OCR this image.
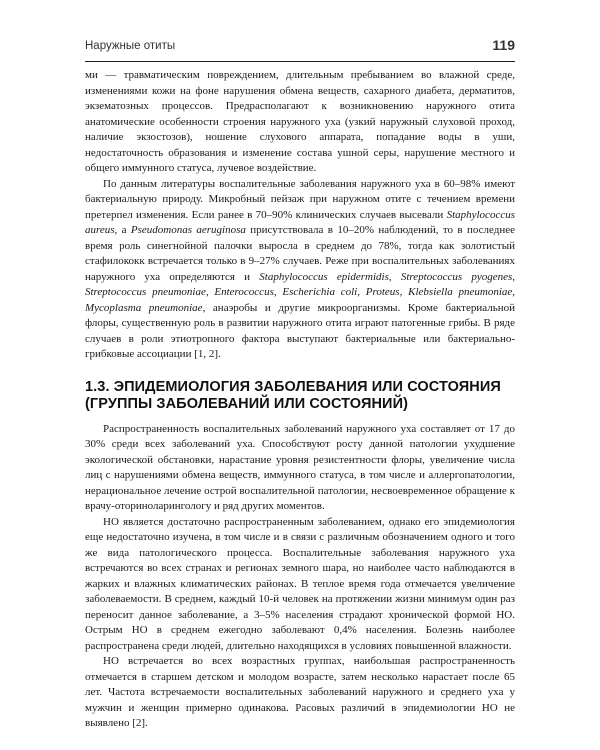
Наружные отиты	119

ми — травматическим повреждением, длительным пребыванием во влажной среде, изменениями кожи на фоне нарушения обмена веществ, сахарного диабета, дерматитов, экзематозных процессов. Предрасполагают к возникновению наружного отита анатомические особенности строения наружного уха (узкий наружный слуховой проход, наличие экзостозов), ношение слухового аппарата, попадание воды в уши, недостаточность образования и изменение состава ушной серы, нарушение местного и общего иммунного статуса, лучевое воздействие.

По данным литературы воспалительные заболевания наружного уха в 60–98% имеют бактериальную природу. Микробный пейзаж при наружном отите с течением времени претерпел изменения. Если ранее в 70–90% клинических случаев высевали Staphylococcus aureus, а Pseudomonas aeruginosa присутствовала в 10–20% наблюдений, то в последнее время роль синегнойной палочки выросла в среднем до 78%, тогда как золотистый стафилококк встречается только в 9–27% случаев. Реже при воспалительных заболеваниях наружного уха определяются и Staphylococcus epidermidis, Streptococcus pyogenes, Streptococcus pneumoniae, Enterococcus, Escherichia coli, Proteus, Klebsiella pneumoniae, Mycoplasma pneumoniae, анаэробы и другие микроорганизмы. Кроме бактериальной флоры, существенную роль в развитии наружного отита играют патогенные грибы. В ряде случаев в роли этиотропного фактора выступают бактериальные или бактериально-грибковые ассоциации [1, 2].

1.3. ЭПИДЕМИОЛОГИЯ ЗАБОЛЕВАНИЯ ИЛИ СОСТОЯНИЯ (ГРУППЫ ЗАБОЛЕВАНИЙ ИЛИ СОСТОЯНИЙ)

Распространенность воспалительных заболеваний наружного уха составляет от 17 до 30% среди всех заболеваний уха. Способствуют росту данной патологии ухудшение экологической обстановки, нарастание уровня резистентности флоры, увеличение числа лиц с нарушениями обмена веществ, иммунного статуса, в том числе и аллергопатологии, нерациональное лечение острой воспалительной патологии, несвоевременное обращение к врачу-оториноларингологу и ряд других моментов.

НО является достаточно распространенным заболеванием, однако его эпидемиология еще недостаточно изучена, в том числе и в связи с различным обозначением одного и того же вида патологического процесса. Воспалительные заболевания наружного уха встречаются во всех странах и регионах земного шара, но наиболее часто наблюдаются в жарких и влажных климатических районах. В теплое время года отмечается увеличение заболеваемости. В среднем, каждый 10-й человек на протяжении жизни минимум один раз переносит данное заболевание, а 3–5% населения страдают хронической формой НО. Острым НО в среднем ежегодно заболевают 0,4% населения. Болезнь наиболее распространена среди людей, длительно находящихся в условиях повышенной влажности.

НО встречается во всех возрастных группах, наибольшая распространенность отмечается в старшем детском и молодом возрасте, затем несколько нарастает после 65 лет. Частота встречаемости воспалительных заболеваний наружного и среднего уха у мужчин и женщин примерно одинакова. Расовых различий в эпидемиологии НО не выявлено [2].
